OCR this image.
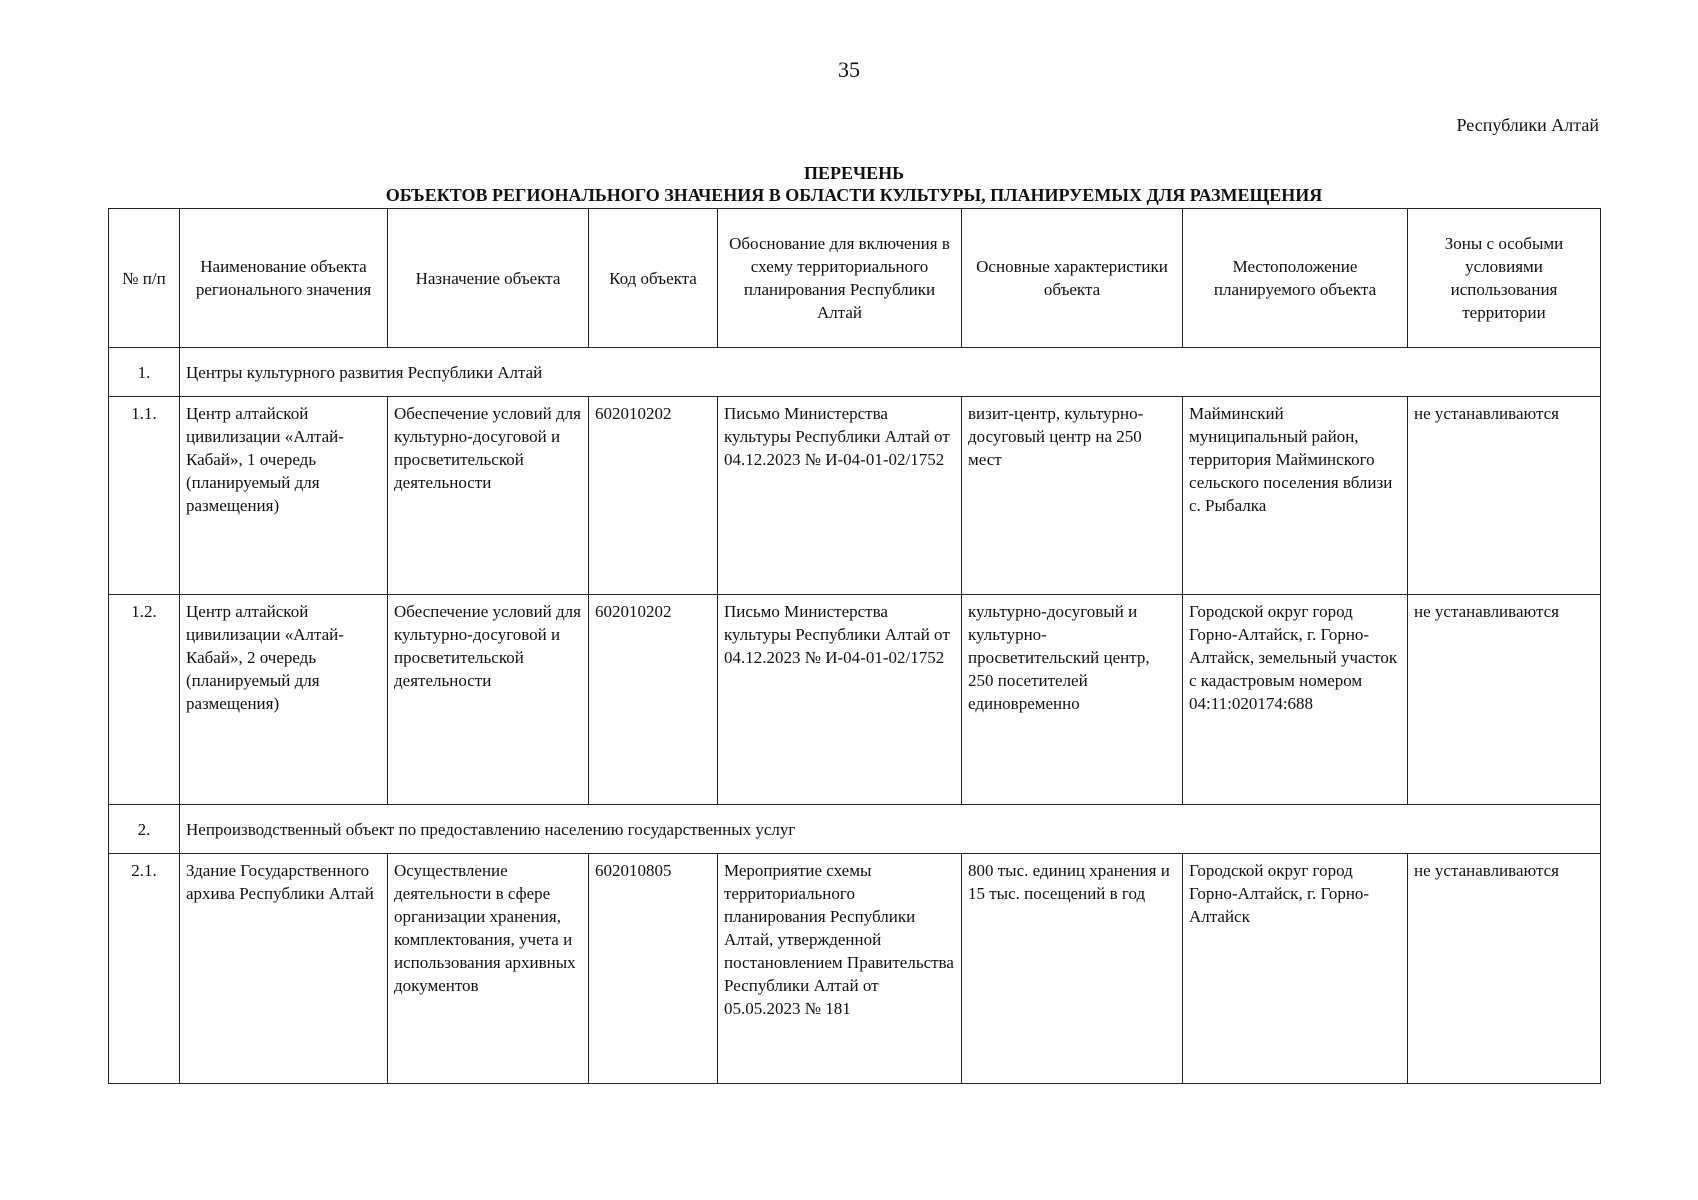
35
Республики Алтай
ПЕРЕЧЕНЬ
ОБЪЕКТОВ РЕГИОНАЛЬНОГО ЗНАЧЕНИЯ В ОБЛАСТИ КУЛЬТУРЫ, ПЛАНИРУЕМЫХ ДЛЯ РАЗМЕЩЕНИЯ
№ п/п	Наименование объекта регионального значения	Назначение объекта	Код объекта	Обоснование для включения в схему территориального планирования Республики Алтай	Основные характеристики объекта	Местоположение планируемого объекта	Зоны с особыми условиями использования территории
1.	Центры культурного развития Республики Алтай						
1.1.	Центр алтайской цивилизации «Алтай-Кабай», 1 очередь (планируемый для размещения)	Обеспечение условий для культурно-досуговой и просветительской деятельности	602010202	Письмо Министерства культуры Республики Алтай от 04.12.2023 № И-04-01-02/1752	визит-центр, культурно-досуговый центр на 250 мест	Майминский муниципальный район, территория Майминского сельского поселения вблизи с. Рыбалка	не устанавливаются
1.2.	Центр алтайской цивилизации «Алтай-Кабай», 2 очередь (планируемый для размещения)	Обеспечение условий для культурно-досуговой и просветительской деятельности	602010202	Письмо Министерства культуры Республики Алтай от 04.12.2023 № И-04-01-02/1752	культурно-досуговый и культурно-просветительский центр, 250 посетителей единовременно	Городской округ город Горно-Алтайск, г. Горно-Алтайск, земельный участок с кадастровым номером 04:11:020174:688	не устанавливаются
2.	Непроизводственный объект по предоставлению населению государственных услуг						
2.1.	Здание Государственного архива Республики Алтай	Осуществление деятельности в сфере организации хранения, комплектования, учета и использования архивных документов	602010805	Мероприятие схемы территориального планирования Республики Алтай, утвержденной постановлением Правительства Республики Алтай от 05.05.2023 № 181	800 тыс. единиц хранения и 15 тыс. посещений в год	Городской округ город Горно-Алтайск, г. Горно-Алтайск	не устанавливаются
